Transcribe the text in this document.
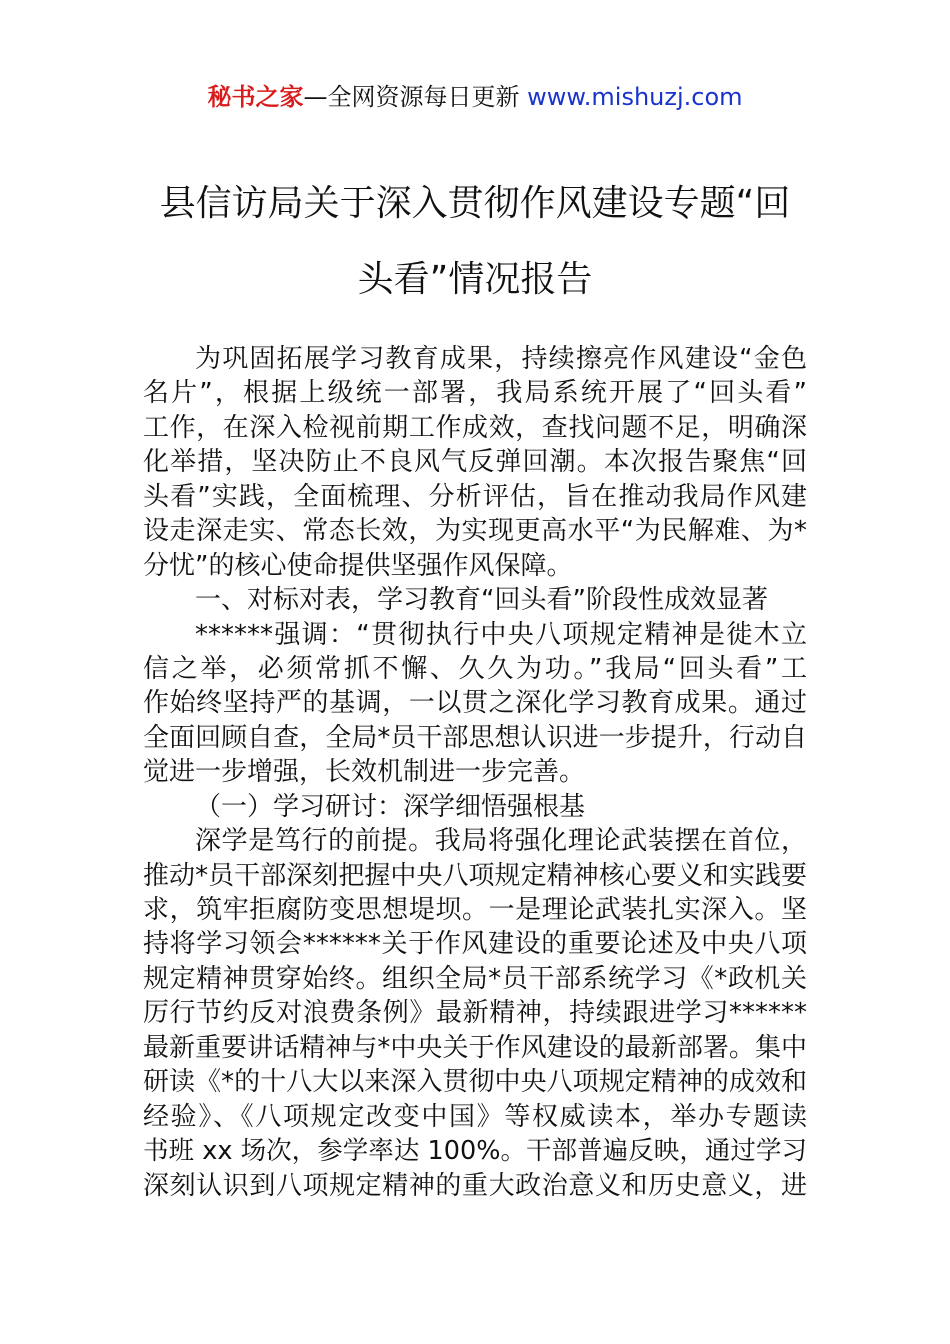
秘书之家—全网资源每日更新 www.mishuzj.com
县信访局关于深入贯彻作风建设专题“回
头看”情况报告
为巩固拓展学习教育成果，持续擦亮作风建设“金色
名片”，根据上级统一部署，我局系统开展了“回头看”
工作，在深入检视前期工作成效，查找问题不足，明确深
化举措，坚决防止不良风气反弹回潮。本次报告聚焦“回
头看”实践，全面梳理、分析评估，旨在推动我局作风建
设走深走实、常态长效，为实现更高水平“为民解难、为*
分忧”的核心使命提供坚强作风保障。
一、对标对表，学习教育“回头看”阶段性成效显著
******强调：“贯彻执行中央八项规定精神是徙木立
信之举，必须常抓不懈、久久为功。”我局“回头看”工
作始终坚持严的基调，一以贯之深化学习教育成果。通过
全面回顾自查，全局*员干部思想认识进一步提升，行动自
觉进一步增强，长效机制进一步完善。
（一）学习研讨：深学细悟强根基
深学是笃行的前提。我局将强化理论武装摆在首位，
推动*员干部深刻把握中央八项规定精神核心要义和实践要
求，筑牢拒腐防变思想堤坝。一是理论武装扎实深入。坚
持将学习领会******关于作风建设的重要论述及中央八项
规定精神贯穿始终。组织全局*员干部系统学习《*政机关
厉行节约反对浪费条例》最新精神，持续跟进学习******
最新重要讲话精神与*中央关于作风建设的最新部署。集中
研读《*的十八大以来深入贯彻中央八项规定精神的成效和
经验》、《八项规定改变中国》等权威读本，举办专题读
书班 xx 场次，参学率达 100%。干部普遍反映，通过学习
深刻认识到八项规定精神的重大政治意义和历史意义，进
